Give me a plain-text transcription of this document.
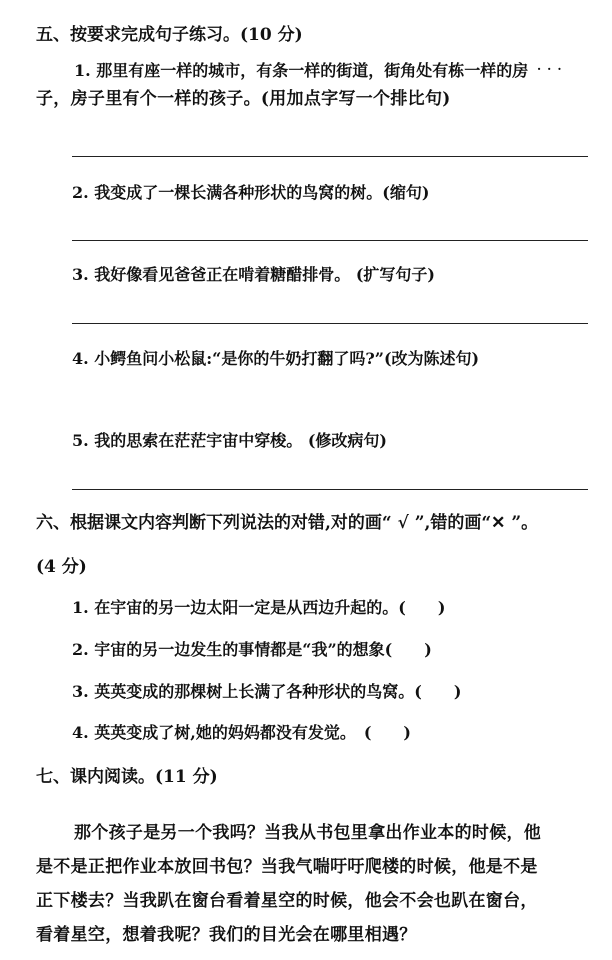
五、按要求完成句子练习。(10 分)
1. 那里有座一样的城市，有条一样的街道，街角处有栋一样的房 ...
子，房子里有个一样的孩子。(用加点字写一个排比句)
2. 我变成了一棵长满各种形状的鸟窝的树。(缩句)
3. 我好像看见爸爸正在啃着糖醋排骨。 (扩写句子)
4. 小鳄鱼问小松鼠:“是你的牛奶打翻了吗?”(改为陈述句)
5. 我的思索在茫茫宇宙中穿梭。 (修改病句)
六、根据课文内容判断下列说法的对错,对的画“ √ ”,错的画“✕ ”。
(4 分)
1. 在宇宙的另一边太阳一定是从西边升起的。(　　)
2. 宇宙的另一边发生的事情都是“我”的想象(　　)
3. 英英变成的那棵树上长满了各种形状的鸟窝。(　　)
4. 英英变成了树,她的妈妈都没有发觉。　(　　)
七、课内阅读。(11 分)
那个孩子是另一个我吗？当我从书包里拿出作业本的时候，他
是不是正把作业本放回书包？当我气喘吁吁爬楼的时候，他是不是
正下楼去？当我趴在窗台看着星空的时候，他会不会也趴在窗台，
看着星空，想着我呢？我们的目光会在哪里相遇？
